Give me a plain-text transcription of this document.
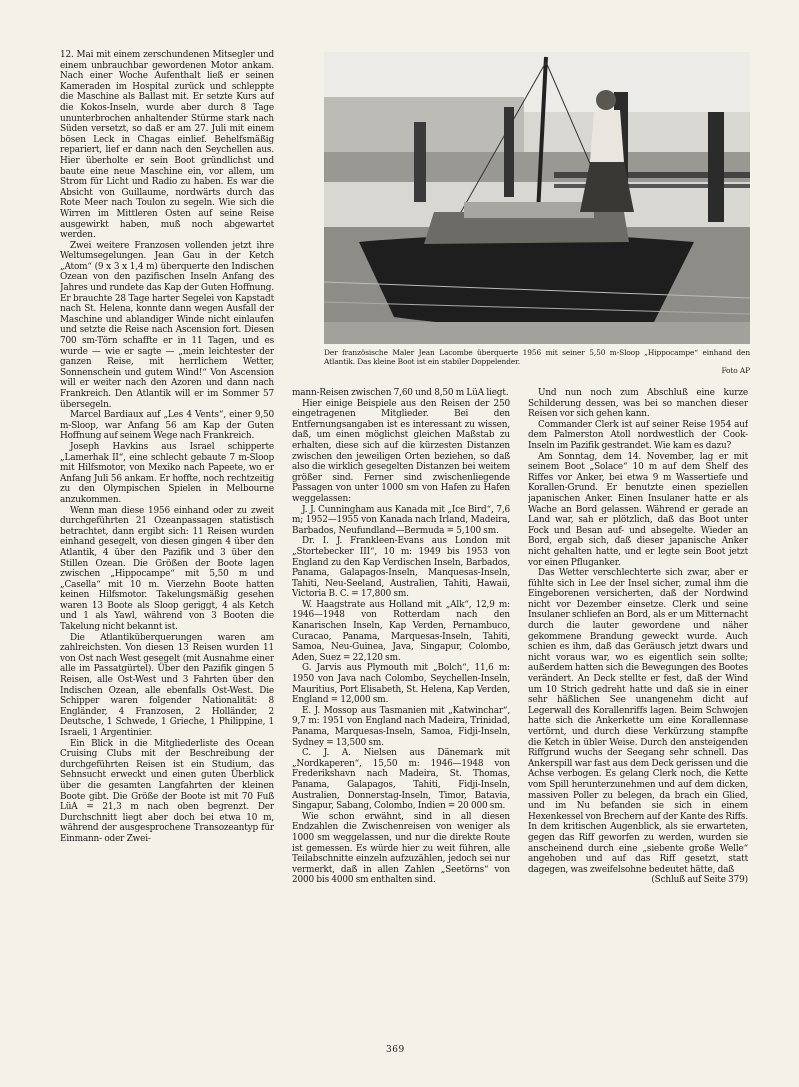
12. Mai mit einem zerschundenen Mitsegler und einem unbrauchbar gewordenen Motor ankam. Nach einer Woche Aufenthalt ließ er seinen Kameraden im Hospital zurück und schleppte die Maschine als Ballast mit. Er setzte Kurs auf die Kokos-Inseln, wurde aber durch 8 Tage ununterbrochen anhaltender Stürme stark nach Süden versetzt, so daß er am 27. Juli mit einem bösen Leck in Chagas einlief. Behelfsmäßig repariert, lief er dann nach den Seychellen aus. Hier überholte er sein Boot gründlichst und baute eine neue Maschine ein, vor allem, um Strom für Licht und Radio zu haben. Es war die Absicht von Guillaume, nordwärts durch das Rote Meer nach Toulon zu segeln. Wie sich die Wirren im Mittleren Osten auf seine Reise ausgewirkt haben, muß noch abgewartet werden.

Zwei weitere Franzosen vollenden jetzt ihre Weltumsegelungen. Jean Gau in der Ketch „Atom“ (9 x 3 x 1,4 m) überquerte den Indischen Ozean von den pazifischen Inseln Anfang des Jahres und rundete das Kap der Guten Hoffnung. Er brauchte 28 Tage harter Segelei von Kapstadt nach St. Helena, konnte dann wegen Ausfall der Maschine und ablandiger Winde nicht einlaufen und setzte die Reise nach Ascension fort. Diesen 700 sm-Törn schaffte er in 11 Tagen, und es wurde — wie er sagte — „mein leichtester der ganzen Reise, mit herrlichem Wetter, Sonnenschein und gutem Wind!“ Von Ascension will er weiter nach den Azoren und dann nach Frankreich. Den Atlantik will er im Sommer 57 übersegeln.

Marcel Bardiaux auf „Les 4 Vents“, einer 9,50 m-Sloop, war Anfang 56 am Kap der Guten Hoffnung auf seinem Wege nach Frankreich.

Joseph Havkins aus Israel schipperte „Lamerhak II“, eine schlecht gebaute 7 m-Sloop mit Hilfsmotor, von Mexiko nach Papeete, wo er Anfang Juli 56 ankam. Er hoffte, noch rechtzeitig zu den Olympischen Spielen in Melbourne anzukommen.

Wenn man diese 1956 einhand oder zu zweit durchgeführten 21 Ozeanpassagen statistisch betrachtet, dann ergibt sich: 11 Reisen wurden einhand gesegelt, von diesen gingen 4 über den Atlantik, 4 über den Pazifik und 3 über den Stillen Ozean. Die Größen der Boote lagen zwischen „Hippocampe“ mit 5,50 m und „Casella“ mit 10 m. Vierzehn Boote hatten keinen Hilfsmotor. Takelungsmäßig gesehen waren 13 Boote als Sloop geriggt, 4 als Ketch und 1 als Yawl, während von 3 Booten die Takelung nicht bekannt ist.

Die Atlantiküberquerungen waren am zahlreichsten. Von diesen 13 Reisen wurden 11 von Ost nach West gesegelt (mit Ausnahme einer alle im Passatgürtel). Über den Pazifik gingen 5 Reisen, alle Ost-West und 3 Fahrten über den Indischen Ozean, alle ebenfalls Ost-West. Die Schipper waren folgender Nationalität: 8 Engländer, 4 Franzosen, 2 Holländer, 2 Deutsche, 1 Schwede, 1 Grieche, 1 Philippine, 1 Israeli, 1 Argentinier.

Ein Blick in die Mitgliederliste des Ocean Cruising Clubs mit der Beschreibung der durchgeführten Reisen ist ein Studium, das Sehnsucht erweckt und einen guten Überblick über die gesamten Langfahrten der kleinen Boote gibt. Die Größe der Boote ist mit 70 Fuß LüA = 21,3 m nach oben begrenzt. Der Durchschnitt liegt aber doch bei etwa 10 m, während der ausgesprochene Transozeantyp für Einmann- oder Zwei-

Der französische Maler Jean Lacombe überquerte 1956 mit seiner 5,50 m-Sloop „Hippocampe“ einhand den Atlantik. Das kleine Boot ist ein stabiler Doppelender.
Foto AP

mann-Reisen zwischen 7,60 und 8,50 m LüA liegt.

Hier einige Beispiele aus den Reisen der 250 eingetragenen Mitglieder. Bei den Entfernungsangaben ist es interessant zu wissen, daß, um einen möglichst gleichen Maßstab zu erhalten, diese sich auf die kürzesten Distanzen zwischen den jeweiligen Orten beziehen, so daß also die wirklich gesegelten Distanzen bei weitem größer sind. Ferner sind zwischenliegende Passagen von unter 1000 sm von Hafen zu Hafen weggelassen:

J. J. Cunningham aus Kanada mit „Ice Bird“, 7,6 m; 1952—1955 von Kanada nach Irland, Madeira, Barbados, Neufundland—Bermuda = 5,100 sm.

Dr. I. J. Frankleen-Evans aus London mit „Stortebecker III“, 10 m: 1949 bis 1953 von England zu den Kap Verdischen Inseln, Barbados, Panama, Galapagos-Inseln, Manquesas-Inseln, Tahiti, Neu-Seeland, Australien, Tahiti, Hawaii, Victoria B. C. = 17,800 sm.

W. Haagstrate aus Holland mit „Alk“, 12,9 m: 1946—1948 von Rotterdam nach den Kanarischen Inseln, Kap Verden, Pernambuco, Curacao, Panama, Marquesas-Inseln, Tahiti, Samoa, Neu-Guinea, Java, Singapur, Colombo, Aden, Suez = 22,120 sm.

G. Jarvis aus Plymouth mit „Bolch“, 11,6 m: 1950 von Java nach Colombo, Seychellen-Inseln, Mauritius, Port Elisabeth, St. Helena, Kap Verden, England = 12,000 sm.

E. J. Mossop aus Tasmanien mit „Katwinchar“, 9,7 m: 1951 von England nach Madeira, Trinidad, Panama, Marquesas-Inseln, Samoa, Fidji-Inseln, Sydney = 13,500 sm.

C. J. A. Nielsen aus Dänemark mit „Nordkaperen“, 15,50 m: 1946—1948 von Frederikshavn nach Madeira, St. Thomas, Panama, Galapagos, Tahiti, Fidji-Inseln, Australien, Donnerstag-Inseln, Timor, Batavia, Singapur, Sabang, Colombo, Indien = 20 000 sm.

Wie schon erwähnt, sind in all diesen Endzahlen die Zwischenreisen von weniger als 1000 sm weggelassen, und nur die direkte Route ist gemessen. Es würde hier zu weit führen, alle Teilabschnitte einzeln aufzuzählen, jedoch sei nur vermerkt, daß in allen Zahlen „Seetörns“ von 2000 bis 4000 sm enthalten sind.

Und nun noch zum Abschluß eine kurze Schilderung dessen, was bei so manchen dieser Reisen vor sich gehen kann.

Commander Clerk ist auf seiner Reise 1954 auf dem Palmerston Atoll nordwestlich der Cook-Inseln im Pazifik gestrandet. Wie kam es dazu?

Am Sonntag, dem 14. November, lag er mit seinem Boot „Solace“ 10 m auf dem Shelf des Riffes vor Anker, bei etwa 9 m Wassertiefe und Korallen-Grund. Er benutzte einen speziellen japanischen Anker. Einen Insulaner hatte er als Wache an Bord gelassen. Während er gerade an Land war, sah er plötzlich, daß das Boot unter Fock und Besan auf- und absegelte. Wieder an Bord, ergab sich, daß dieser japanische Anker nicht gehalten hatte, und er legte sein Boot jetzt vor einen Pfluganker.

Das Wetter verschlechterte sich zwar, aber er fühlte sich in Lee der Insel sicher, zumal ihm die Eingeborenen versicherten, daß der Nordwind nicht vor Dezember einsetze. Clerk und seine Insulaner schliefen an Bord, als er um Mitternacht durch die lauter gewordene und näher gekommene Brandung geweckt wurde. Auch schien es ihm, daß das Geräusch jetzt dwars und nicht voraus war, wo es eigentlich sein sollte; außerdem hatten sich die Bewegungen des Bootes verändert. An Deck stellte er fest, daß der Wind um 10 Strich gedreht hatte und daß sie in einer sehr häßlichen See unangenehm dicht auf Legerwall des Korallenriffs lagen. Beim Schwojen hatte sich die Ankerkette um eine Korallennase vertörnt, und durch diese Verkürzung stampfte die Ketch in übler Weise. Durch den ansteigenden Riffgrund wuchs der Seegang sehr schnell. Das Ankerspill war fast aus dem Deck gerissen und die Achse verbogen. Es gelang Clerk noch, die Kette vom Spill herunterzunehmen und auf dem dicken, massiven Poller zu belegen, da brach ein Glied, und im Nu befanden sie sich in einem Hexenkessel von Brechern auf der Kante des Riffs. In dem kritischen Augenblick, als sie erwarteten, gegen das Riff geworfen zu werden, wurden sie anscheinend durch eine „siebente große Welle“ angehoben und auf das Riff gesetzt, statt dagegen, was zweifelsohne bedeutet hätte, daß

(Schluß auf Seite 379)

369
